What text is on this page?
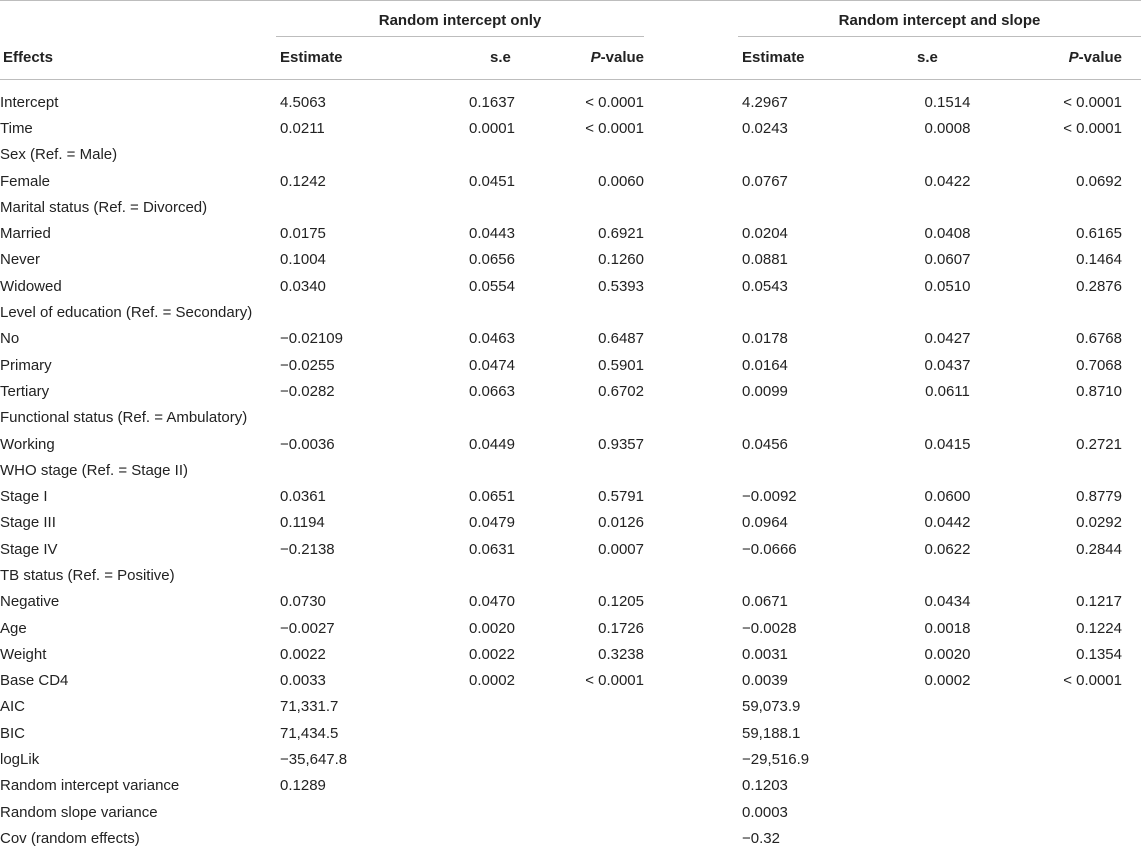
Random intercept only	Random intercept and slope
Effects	Estimate	s.e	P-value	Estimate	s.e	P-value
Intercept	4.5063	0.1637	< 0.0001		4.2967	0.1514	< 0.0001
Time	0.0211	0.0001	< 0.0001		0.0243	0.0008	< 0.0001
Sex (Ref. = Male)							
Female	0.1242	0.0451	0.0060		0.0767	0.0422	0.0692
Marital status (Ref. = Divorced)							
Married	0.0175	0.0443	0.6921		0.0204	0.0408	0.6165
Never	0.1004	0.0656	0.1260		0.0881	0.0607	0.1464
Widowed	0.0340	0.0554	0.5393		0.0543	0.0510	0.2876
Level of education (Ref. = Secondary)							
No	−0.02109	0.0463	0.6487		0.0178	0.0427	0.6768
Primary	−0.0255	0.0474	0.5901		0.0164	0.0437	0.7068
Tertiary	−0.0282	0.0663	0.6702		0.0099	0.0611	0.8710
Functional status (Ref. = Ambulatory)							
Working	−0.0036	0.0449	0.9357		0.0456	0.0415	0.2721
WHO stage (Ref. = Stage II)							
Stage I	0.0361	0.0651	0.5791		−0.0092	0.0600	0.8779
Stage III	0.1194	0.0479	0.0126		0.0964	0.0442	0.0292
Stage IV	−0.2138	0.0631	0.0007		−0.0666	0.0622	0.2844
TB status (Ref. = Positive)							
Negative	0.0730	0.0470	0.1205		0.0671	0.0434	0.1217
Age	−0.0027	0.0020	0.1726		−0.0028	0.0018	0.1224
Weight	0.0022	0.0022	0.3238		0.0031	0.0020	0.1354
Base CD4	0.0033	0.0002	< 0.0001		0.0039	0.0002	< 0.0001
AIC	71,331.7				59,073.9		
BIC	71,434.5				59,188.1		
logLik	−35,647.8				−29,516.9		
Random intercept variance	0.1289				0.1203		
Random slope variance					0.0003		
Cov (random effects)					−0.32		
